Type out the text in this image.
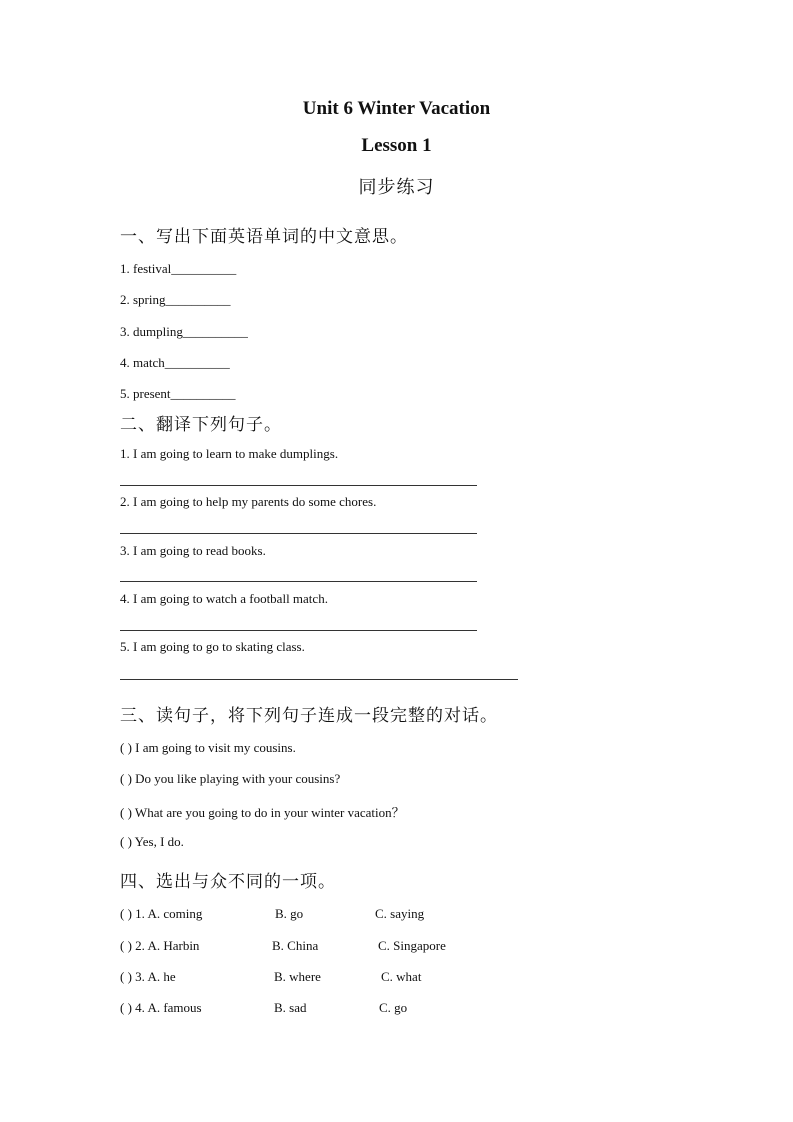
Unit 6 Winter Vacation
Lesson 1
同步练习
一、写出下面英语单词的中文意思。
1. festival__________
2. spring__________
3. dumpling__________
4. match__________
5. present__________
二、翻译下列句子。
1. I am going to learn to make dumplings.
2. I am going to help my parents do some chores.
3. I am going to read books.
4. I am going to watch a football match.
5. I am going to go to skating class.
三、读句子，将下列句子连成一段完整的对话。
( ) I am going to visit my cousins.
( ) Do you like playing with your cousins?
( ) What are you going to do in your winter vacation？
( ) Yes, I do.
四、选出与众不同的一项。
( ) 1. A. coming	B. go	C. saying
( ) 2. A. Harbin	B. China	C. Singapore
( ) 3. A. he	B. where	C. what
( ) 4. A. famous	B. sad	C. go
